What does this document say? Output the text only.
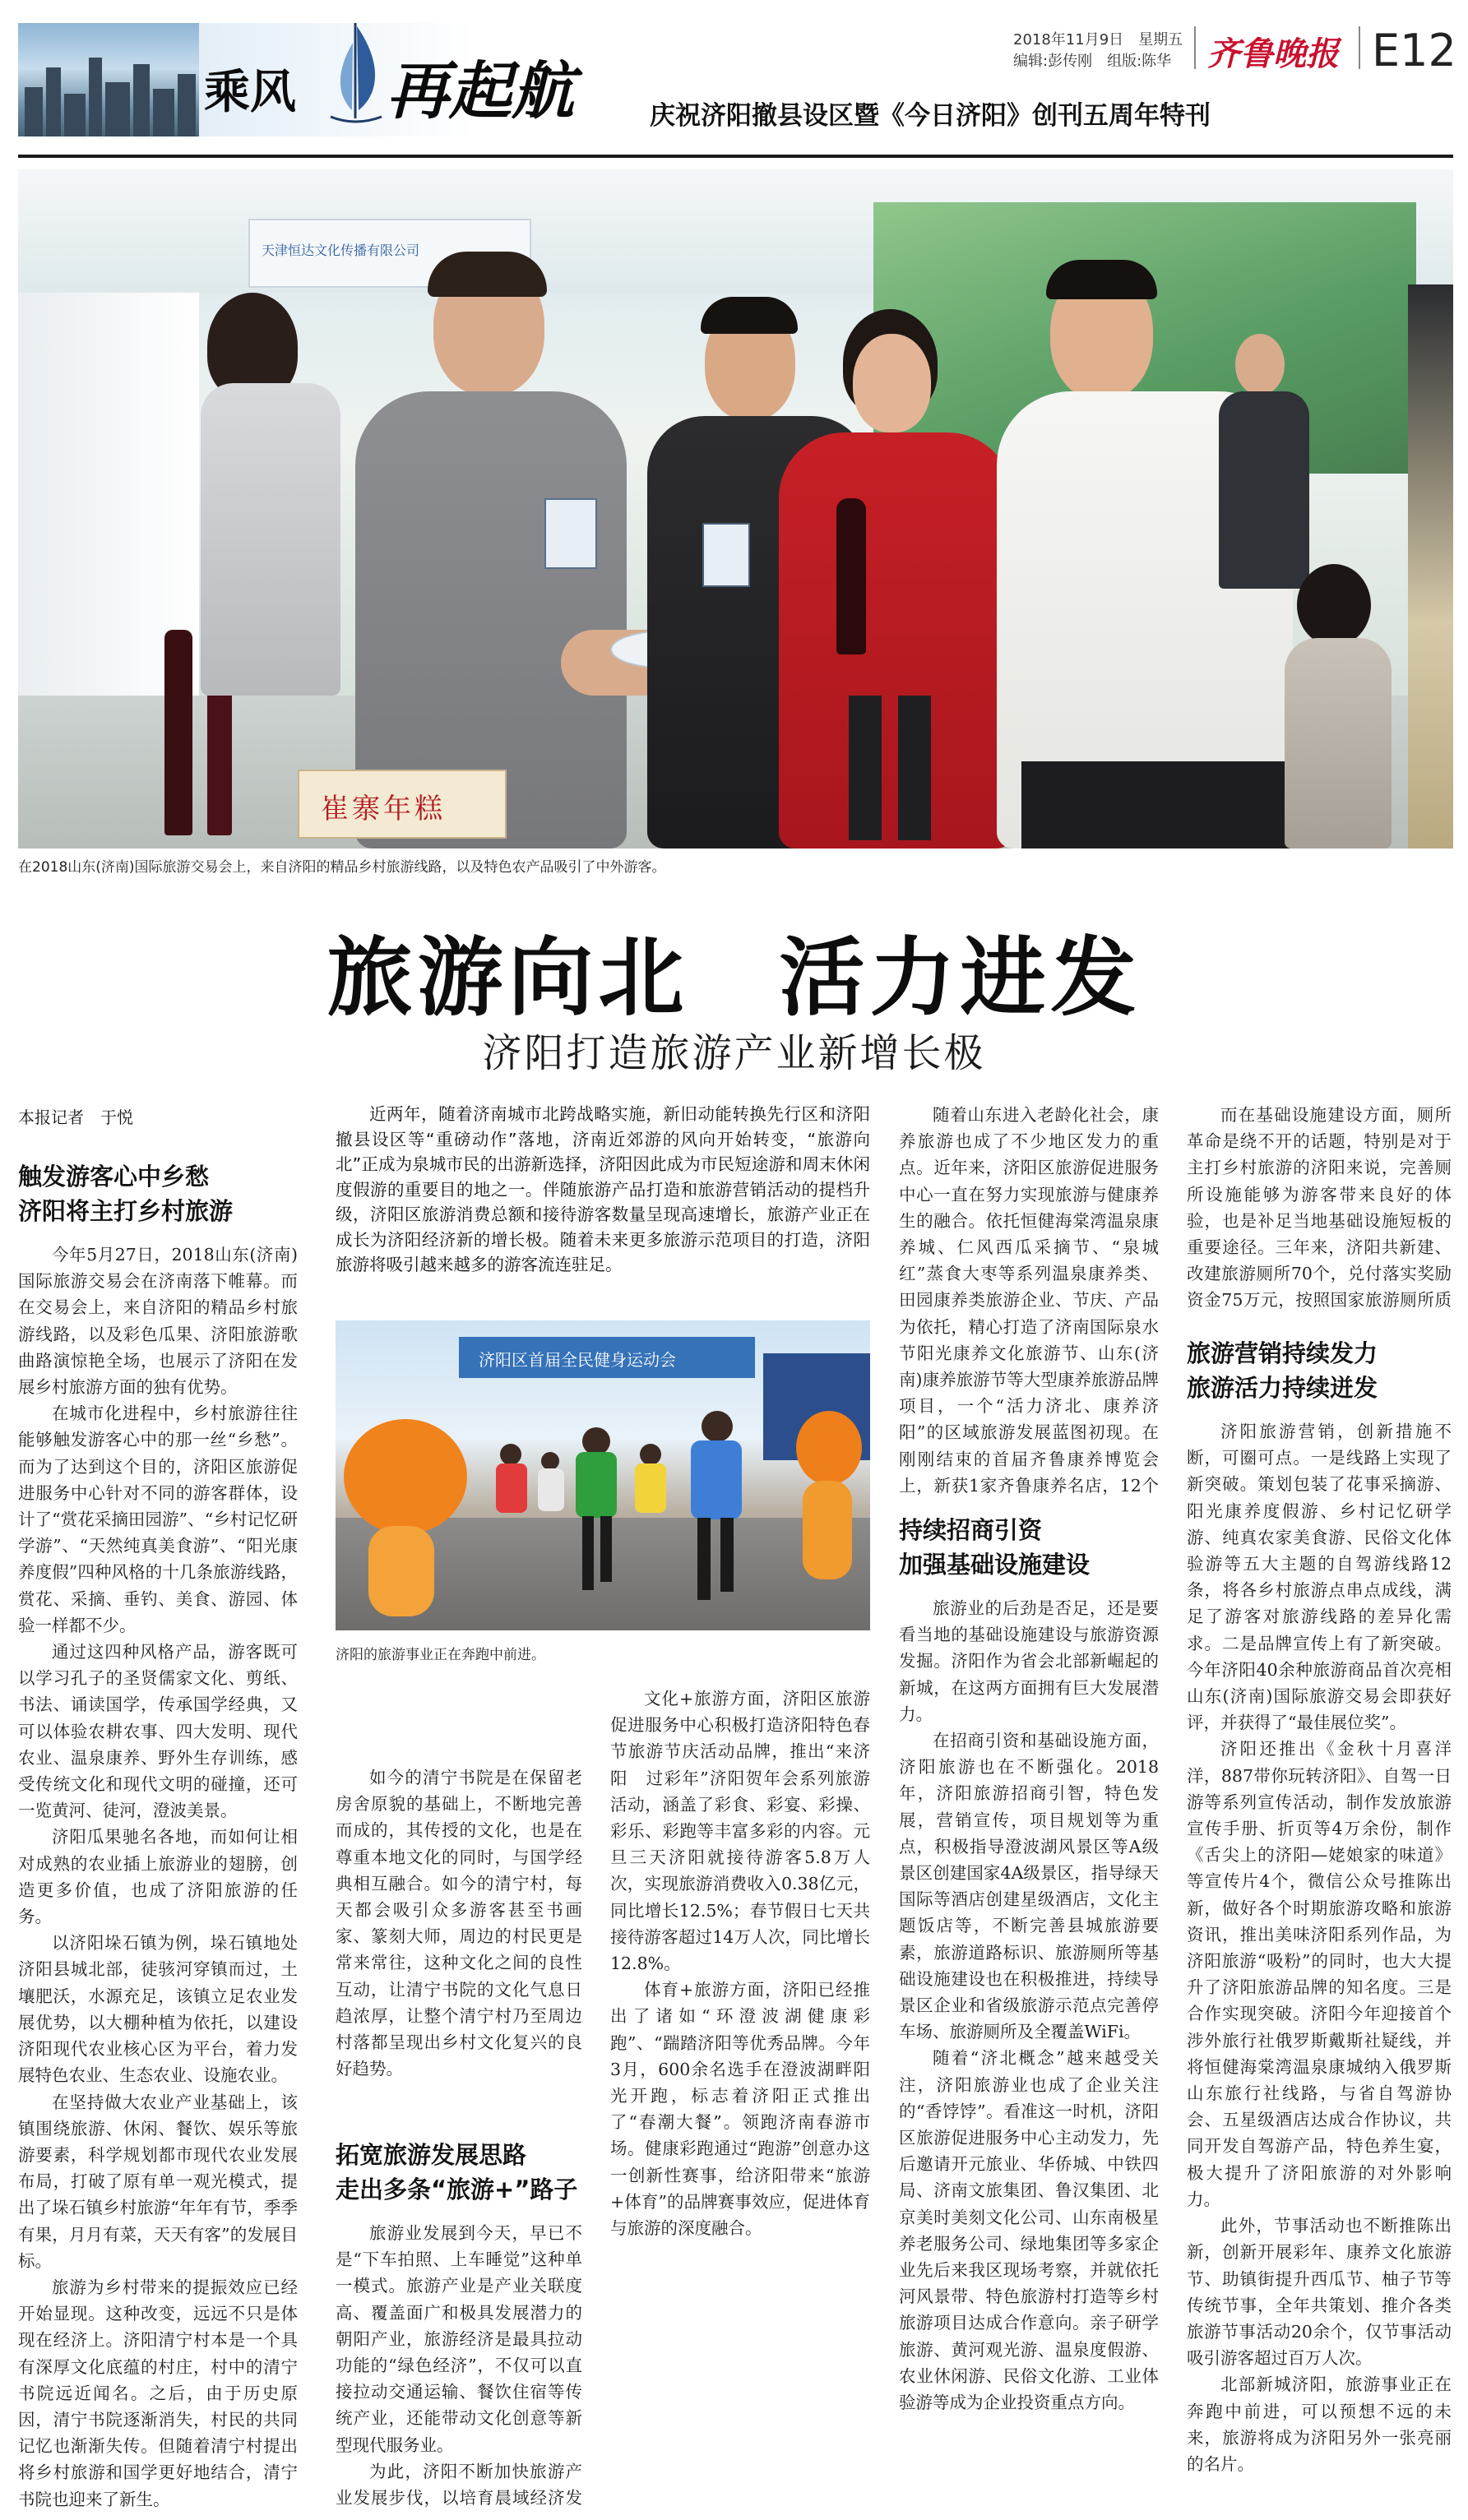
乘风 再起航	庆祝济阳撤县设区暨《今日济阳》创刊五周年特刊
2018年11月9日　星期五
编辑:彭传刚　组版:陈华 齐鲁晚报 E12
天津恒达文化传播有限公司
崔寨年糕
在2018山东(济南)国际旅游交易会上，来自济阳的精品乡村旅游线路，以及特色农产品吸引了中外游客。
旅游向北　活力进发
济阳打造旅游产业新增长极
本报记者　于悦	近两年，随着济南城市北跨战略实施，新旧动能转换先行区和济阳撤县设区等“重磅动作”落地，济南近郊游的风向开始转变，“旅游向北”正成为泉城市民的出游新选择，济阳因此成为市民短途游和周末休闲度假游的重要目的地之一。伴随旅游产品打造和旅游营销活动的提档升级，济阳区旅游消费总额和接待游客数量呈现高速增长，旅游产业正在成长为济阳经济新的增长极。随着未来更多旅游示范项目的打造，济阳旅游将吸引越来越多的游客流连驻足。
触发游客心中乡愁
济阳将主打乡村旅游

今年5月27日，2018山东(济南)国际旅游交易会在济南落下帷幕。而在交易会上，来自济阳的精品乡村旅游线路，以及彩色瓜果、济阳旅游歌曲路演惊艳全场，也展示了济阳在发展乡村旅游方面的独有优势。

在城市化进程中，乡村旅游往往能够触发游客心中的那一丝“乡愁”。而为了达到这个目的，济阳区旅游促进服务中心针对不同的游客群体，设计了“赏花采摘田园游”、“乡村记忆研学游”、“天然纯真美食游”、“阳光康养度假”四种风格的十几条旅游线路，赏花、采摘、垂钓、美食、游园、体验一样都不少。

通过这四种风格产品，游客既可以学习孔子的圣贤儒家文化、剪纸、书法、诵读国学，传承国学经典，又可以体验农耕农事、四大发明、现代农业、温泉康养、野外生存训练，感受传统文化和现代文明的碰撞，还可一览黄河、徒河，澄波美景。

济阳瓜果驰名各地，而如何让相对成熟的农业插上旅游业的翅膀，创造更多价值，也成了济阳旅游的任务。

以济阳垛石镇为例，垛石镇地处济阳县城北部，徒骇河穿镇而过，土壤肥沃，水源充足，该镇立足农业发展优势，以大棚种植为依托，以建设济阳现代农业核心区为平台，着力发展特色农业、生态农业、设施农业。

在坚持做大农业产业基础上，该镇围绕旅游、休闲、餐饮、娱乐等旅游要素，科学规划都市现代农业发展布局，打破了原有单一观光模式，提出了垛石镇乡村旅游“年年有节，季季有果，月月有菜，天天有客”的发展目标。

旅游为乡村带来的提振效应已经开始显现。这种改变，远远不只是体现在经济上。济阳清宁村本是一个具有深厚文化底蕴的村庄，村中的清宁书院远近闻名。之后，由于历史原因，清宁书院逐渐消失，村民的共同记忆也渐渐失传。但随着清宁村提出将乡村旅游和国学更好地结合，清宁书院也迎来了新生。

济阳区首届全民健身运动会
济阳的旅游事业正在奔跑中前进。

如今的清宁书院是在保留老房舍原貌的基础上，不断地完善而成的，其传授的文化，也是在尊重本地文化的同时，与国学经典相互融合。如今的清宁村，每天都会吸引众多游客甚至书画家、篆刻大师，周边的村民更是常来常往，这种文化之间的良性互动，让清宁书院的文化气息日趋浓厚，让整个清宁村乃至周边村落都呈现出乡村文化复兴的良好趋势。

拓宽旅游发展思路
走出多条“旅游+”路子

旅游业发展到今天，早已不是“下车拍照、上车睡觉”这种单一模式。旅游产业是产业关联度高、覆盖面广和极具发展潜力的朝阳产业，旅游经济是最具拉动功能的“绿色经济”，不仅可以直接拉动交通运输、餐饮住宿等传统产业，还能带动文化创意等新型现代服务业。

为此，济阳不断加快旅游产业发展步伐，以培育晨域经济发

文化+旅游方面，济阳区旅游促进服务中心积极打造济阳特色春节旅游节庆活动品牌，推出“来济阳　过彩年”济阳贺年会系列旅游活动，涵盖了彩食、彩宴、彩操、彩乐、彩跑等丰富多彩的内容。元旦三天济阳就接待游客5.8万人次，实现旅游消费收入0.38亿元，同比增长12.5%；春节假日七天共接待游客超过14万人次，同比增长12.8%。

体育+旅游方面，济阳已经推出了诸如“环澄波湖健康彩跑”、“踹踏济阳等优秀品牌。今年3月，600余名选手在澄波湖畔阳光开跑，标志着济阳正式推出了“春潮大餐”。领跑济南春游市场。健康彩跑通过“跑游”创意办这一创新性赛事，给济阳带来“旅游+体育”的品牌赛事效应，促进体育与旅游的深度融合。

随着山东进入老龄化社会，康养旅游也成了不少地区发力的重点。近年来，济阳区旅游促进服务中心一直在努力实现旅游与健康养生的融合。依托恒健海棠湾温泉康养城、仁风西瓜采摘节、“泉城红”蒸食大枣等系列温泉康养类、田园康养类旅游企业、节庆、产品为依托，精心打造了济南国际泉水节阳光康养文化旅游节、山东(济南)康养旅游节等大型康养旅游品牌项目，一个“活力济北、康养济阳”的区域旅游发展蓝图初现。在刚刚结束的首届齐鲁康养博览会上，新获1家齐鲁康养名店，12个

持续招商引资
加强基础设施建设

旅游业的后劲是否足，还是要看当地的基础设施建设与旅游资源发掘。济阳作为省会北部新崛起的新城，在这两方面拥有巨大发展潜力。

在招商引资和基础设施方面，济阳旅游也在不断强化。2018年，济阳旅游招商引智，特色发展，营销宣传，项目规划等为重点，积极指导澄波湖风景区等A级景区创建国家4A级景区，指导绿天国际等酒店创建星级酒店，文化主题饭店等，不断完善县城旅游要素，旅游道路标识、旅游厕所等基础设施建设也在积极推进，持续导景区企业和省级旅游示范点完善停车场、旅游厕所及全覆盖WiFi。

随着“济北概念”越来越受关注，济阳旅游业也成了企业关注的“香饽饽”。看准这一时机，济阳区旅游促进服务中心主动发力，先后邀请开元旅业、华侨城、中铁四局、济南文旅集团、鲁汉集团、北京美时美刻文化公司、山东南极星养老服务公司、绿地集团等多家企业先后来我区现场考察，并就依托河风景带、特色旅游村打造等乡村旅游项目达成合作意向。亲子研学旅游、黄河观光游、温泉度假游、农业休闲游、民俗文化游、工业体验游等成为企业投资重点方向。

而在基础设施建设方面，厕所革命是绕不开的话题，特别是对于主打乡村旅游的济阳来说，完善厕所设施能够为游客带来良好的体验，也是补足当地基础设施短板的重要途径。三年来，济阳共新建、改建旅游厕所70个，兑付落实奖励资金75万元，按照国家旅游厕所质

旅游营销持续发力
旅游活力持续迸发

济阳旅游营销，创新措施不断，可圈可点。一是线路上实现了新突破。策划包装了花事采摘游、阳光康养度假游、乡村记忆研学游、纯真农家美食游、民俗文化体验游等五大主题的自驾游线路12条，将各乡村旅游点串点成线，满足了游客对旅游线路的差异化需求。二是品牌宣传上有了新突破。今年济阳40余种旅游商品首次亮相山东(济南)国际旅游交易会即获好评，并获得了“最佳展位奖”。

济阳还推出《金秋十月喜洋洋，887带你玩转济阳》、自驾一日游等系列宣传活动，制作发放旅游宣传手册、折页等4万余份，制作《舌尖上的济阳—姥娘家的味道》等宣传片4个，微信公众号推陈出新，做好各个时期旅游攻略和旅游资讯，推出美味济阳系列作品，为济阳旅游“吸粉”的同时，也大大提升了济阳旅游品牌的知名度。三是合作实现突破。济阳今年迎接首个涉外旅行社俄罗斯戴斯社疑线，并将恒健海棠湾温泉康城纳入俄罗斯山东旅行社线路，与省自驾游协会、五星级酒店达成合作协议，共同开发自驾游产品，特色养生宴，极大提升了济阳旅游的对外影响力。

此外，节事活动也不断推陈出新，创新开展彩年、康养文化旅游节、助镇街提升西瓜节、柚子节等传统节事，全年共策划、推介各类旅游节事活动20余个，仅节事活动吸引游客超过百万人次。

北部新城济阳，旅游事业正在奔跑中前进，可以预想不远的未来，旅游将成为济阳另外一张亮丽的名片。
